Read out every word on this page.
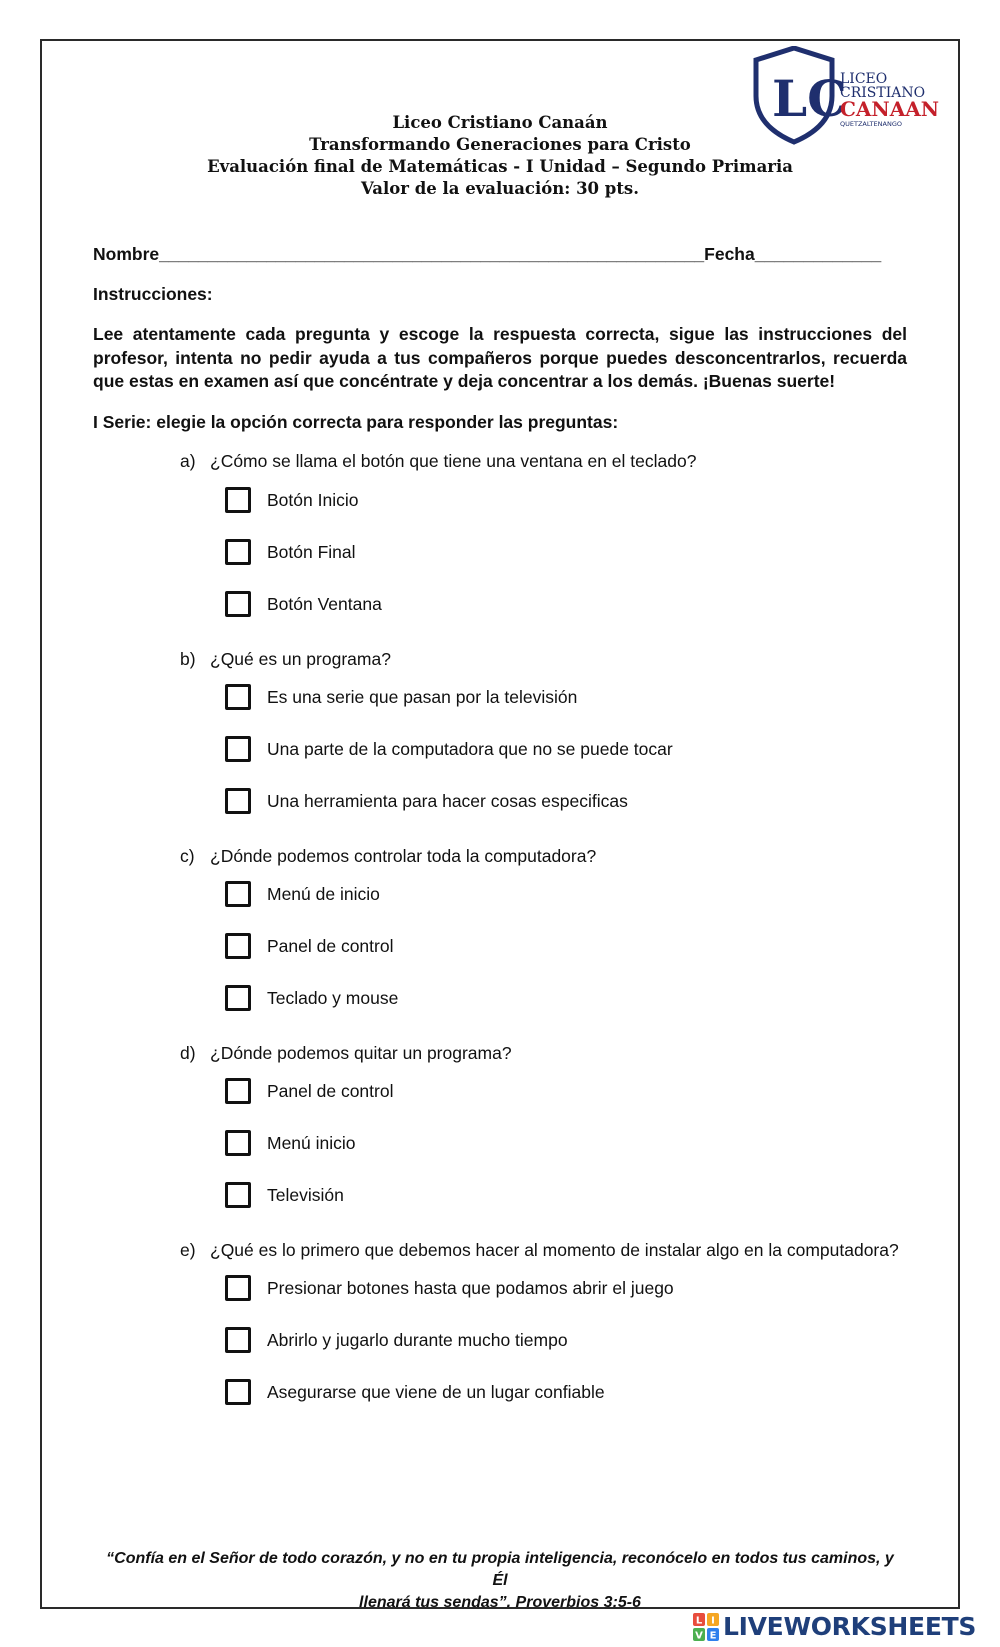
LC
LICEO
CRISTIANO
CANAAN
QUETZALTENANGO
Liceo Cristiano Canaán
Transformando Generaciones para Cristo
Evaluación final de Matemáticas - I Unidad – Segundo Primaria
Valor de la evaluación: 30 pts.
Nombre________________________________________________________Fecha_____________
Instrucciones:
Lee atentamente cada pregunta y escoge la respuesta correcta, sigue las instrucciones del profesor, intenta no pedir ayuda a tus compañeros porque puedes desconcentrarlos, recuerda que estas en examen así que concéntrate y deja concentrar a los demás. ¡Buenas suerte!
I Serie: elegie la opción correcta para responder las preguntas:
a) ¿Cómo se llama el botón que tiene una ventana en el teclado?
Botón Inicio
Botón Final
Botón Ventana
b) ¿Qué es un programa?
Es una serie que pasan por la televisión
Una parte de la computadora que no se puede tocar
Una herramienta para hacer cosas especificas
c) ¿Dónde podemos controlar toda la computadora?
Menú de inicio
Panel de control
Teclado y mouse
d) ¿Dónde podemos quitar un programa?
Panel de control
Menú inicio
Televisión
e) ¿Qué es lo primero que debemos hacer al momento de instalar algo en la computadora?
Presionar botones hasta que podamos abrir el juego
Abrirlo y jugarlo durante mucho tiempo
Asegurarse que viene de un lugar confiable
“Confía en el Señor de todo corazón, y no en tu propia inteligencia, reconócelo en todos tus caminos, y Él
llenará tus sendas”. Proverbios 3:5-6
L I
V E LIVEWORKSHEETS
